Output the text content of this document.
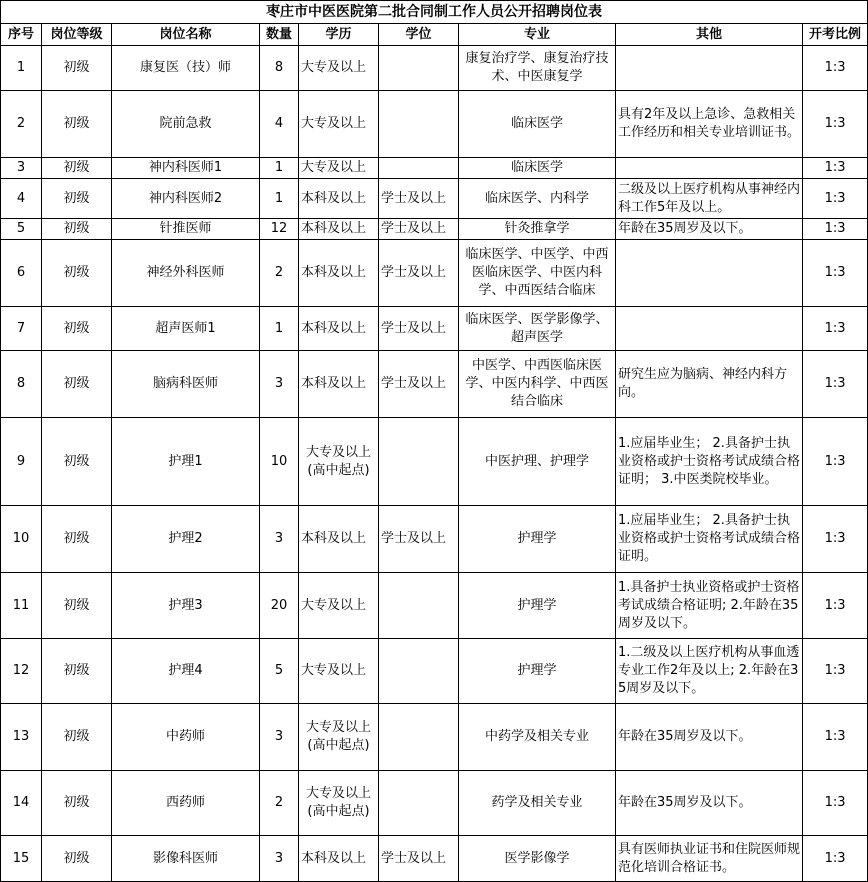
枣庄市中医医院第二批合同制工作人员公开招聘岗位表								
序号	岗位等级	岗位名称	数量	学历	学位	专业	其他	开考比例
1	初级	康复医（技）师	8	大专及以上		康复治疗学、康复治疗技术、中医康复学		1:3
2	初级	院前急救	4	大专及以上		临床医学	具有2年及以上急诊、急救相关工作经历和相关专业培训证书。	1:3
3	初级	神内科医师1	1	大专及以上		临床医学		1:3
4	初级	神内科医师2	1	本科及以上	学士及以上	临床医学、内科学	二级及以上医疗机构从事神经内科工作5年及以上。	1:3
5	初级	针推医师	12	本科及以上	学士及以上	针灸推拿学	年龄在35周岁及以下。	1:3
6	初级	神经外科医师	2	本科及以上	学士及以上	临床医学、中医学、中西医临床医学、中医内科学、中西医结合临床		1:3
7	初级	超声医师1	1	本科及以上	学士及以上	临床医学、医学影像学、超声医学		1:3
8	初级	脑病科医师	3	本科及以上	学士及以上	中医学、中西医临床医学、中医内科学、中西医结合临床	研究生应为脑病、神经内科方向。	1:3
9	初级	护理1	10	大专及以上(高中起点)		中医护理、护理学	1.应届毕业生； 2.具备护士执业资格或护士资格考试成绩合格证明； 3.中医类院校毕业。	1:3
10	初级	护理2	3	本科及以上	学士及以上	护理学	1.应届毕业生； 2.具备护士执业资格或护士资格考试成绩合格证明。	1:3
11	初级	护理3	20	大专及以上		护理学	1.具备护士执业资格或护士资格考试成绩合格证明; 2.年龄在35周岁及以下。	1:3
12	初级	护理4	5	大专及以上		护理学	1.二级及以上医疗机构从事血透专业工作2年及以上; 2.年龄在35周岁及以下。	1:3
13	初级	中药师	3	大专及以上(高中起点)		中药学及相关专业	年龄在35周岁及以下。	1:3
14	初级	西药师	2	大专及以上(高中起点)		药学及相关专业	年龄在35周岁及以下。	1:3
15	初级	影像科医师	3	本科及以上	学士及以上	医学影像学	具有医师执业证书和住院医师规范化培训合格证书。	1:3
